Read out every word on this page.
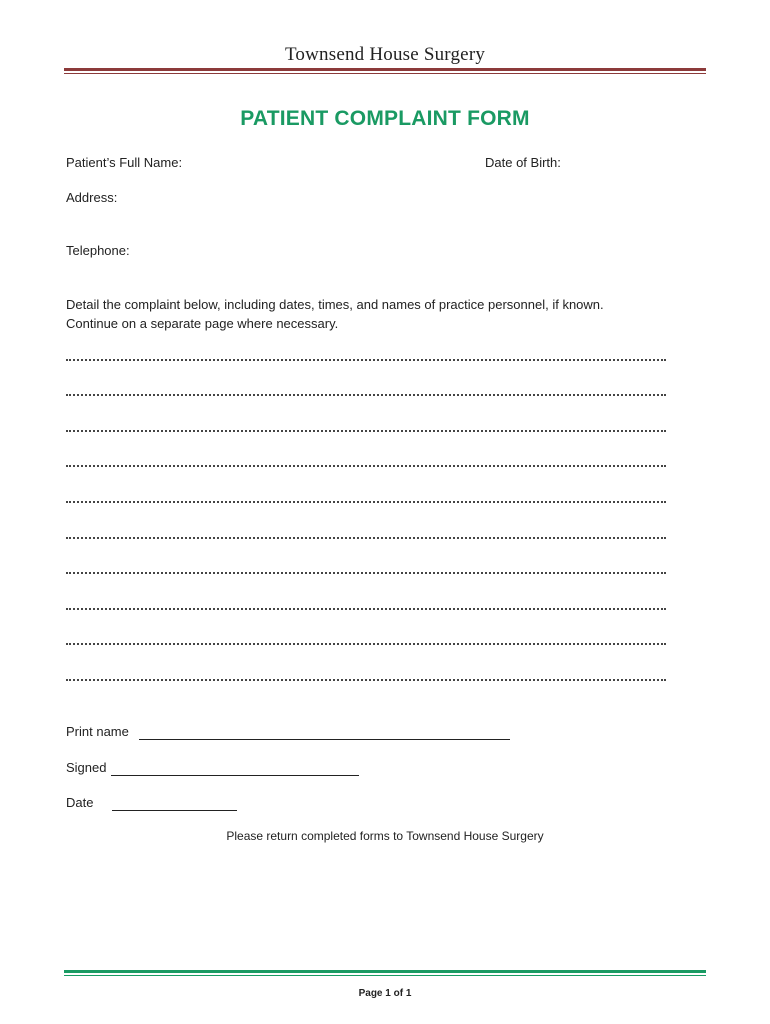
Townsend House Surgery
PATIENT COMPLAINT FORM
Patient’s Full Name:	Date of Birth:
Address:
Telephone:
Detail the complaint below, including dates, times, and names of practice personnel, if known.
Continue on a separate page where necessary.
Print name
Signed
Date
Please return completed forms to Townsend House Surgery
Page 1 of 1
